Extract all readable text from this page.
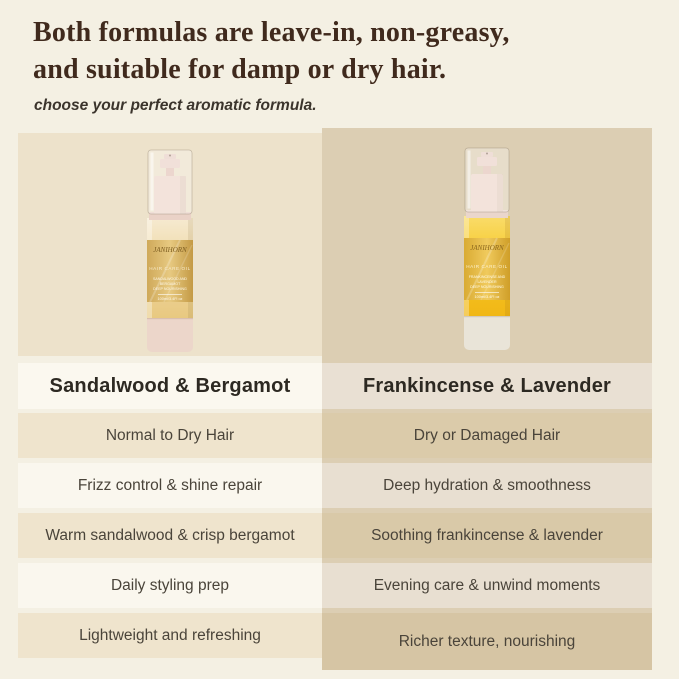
Both formulas are leave-in, non-greasy,
and suitable for damp or dry hair.
choose your perfect aromatic formula.
JANIHORN
HAIR CARE OIL
SANDALWOOD AND
BERGAMOT
DEEP NOURISHING
100ml/3.4Fl oz
JANIHORN
HAIR CARE OIL
FRANKINCENSE AND
LAVENDER
DEEP NOURISHING
100ml/3.4Fl oz
Sandalwood & Bergamot	Frankincense & Lavender
Normal to Dry Hair	Dry or Damaged Hair
Frizz control & shine repair	Deep hydration & smoothness
Warm sandalwood & crisp bergamot	Soothing frankincense & lavender
Daily styling prep	Evening care & unwind moments
Lightweight and refreshing	Richer texture, nourishing
